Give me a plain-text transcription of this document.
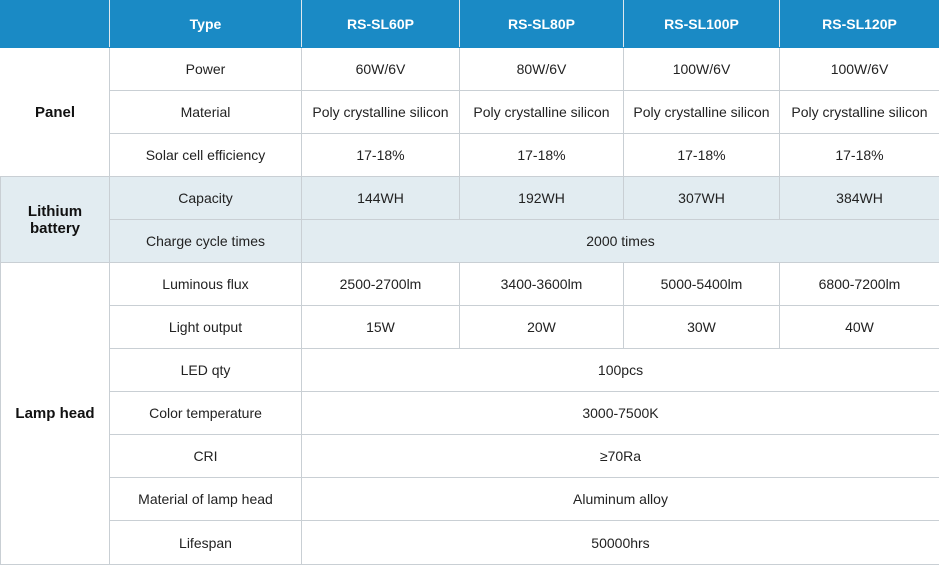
	Type	RS-SL60P	RS-SL80P	RS-SL100P	RS-SL120P
Panel	Power	60W/6V	80W/6V	100W/6V	100W/6V
	Material	Poly crystalline silicon	Poly crystalline silicon	Poly crystalline silicon	Poly crystalline silicon
	Solar cell efficiency	17-18%	17-18%	17-18%	17-18%
Lithium
battery	Capacity	144WH	192WH	307WH	384WH
	Charge cycle times	2000 times			
Lamp head	Luminous flux	2500-2700lm	3400-3600lm	5000-5400lm	6800-7200lm
	Light output	15W	20W	30W	40W
	LED qty	100pcs			
	Color temperature	3000-7500K			
	CRI	≥70Ra			
	Material of lamp head	Aluminum alloy			
	Lifespan	50000hrs			
